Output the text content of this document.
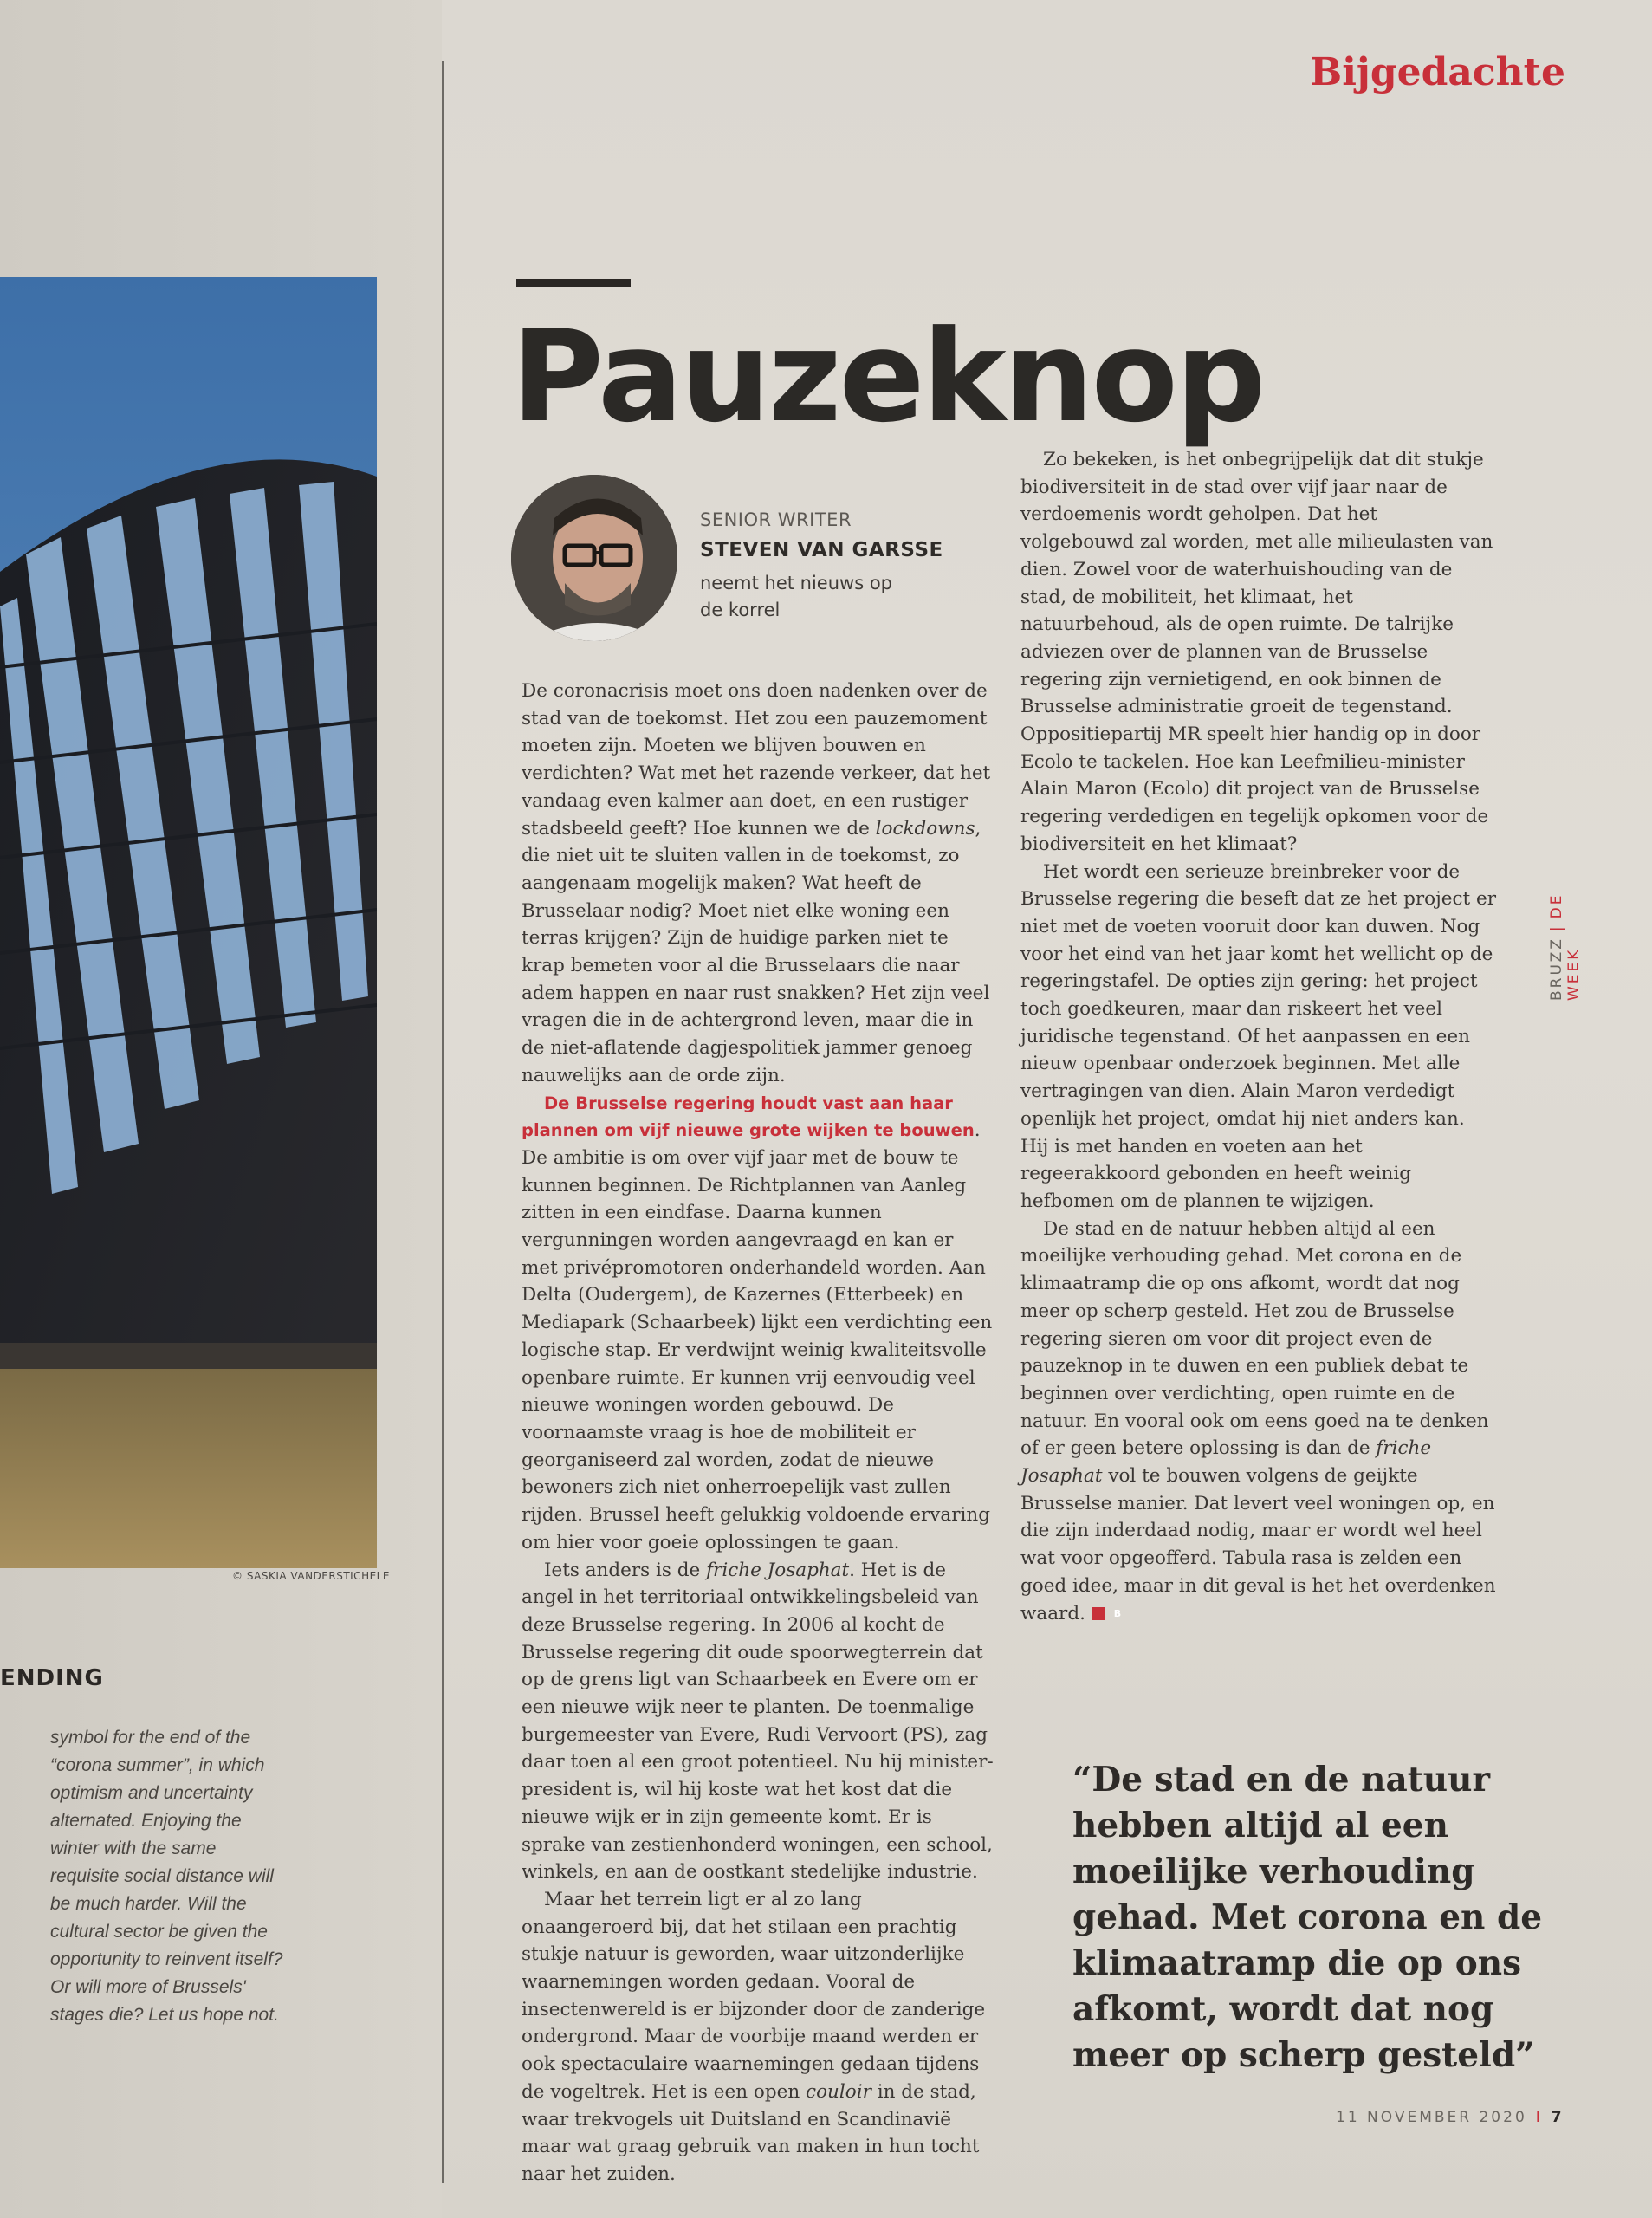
© SASKIA VANDERSTICHELE
ENDING
symbol for the end of the “corona summer”, in which optimism and uncertainty alternated. Enjoying the winter with the same requisite social distance will be much harder. Will the cultural sector be given the opportunity to reinvent itself? Or will more of Brussels' stages die? Let us hope not.
Bijgedachte
BRUZZ|DE WEEK
Pauzeknop
SENIOR WRITER
STEVEN VAN GARSSE
neemt het nieuws op de korrel

De coronacrisis moet ons doen nadenken over de stad van de toekomst. Het zou een pauzemoment moeten zijn. Moeten we blijven bouwen en verdichten? Wat met het razende verkeer, dat het vandaag even kalmer aan doet, en een rustiger stadsbeeld geeft? Hoe kunnen we de lockdowns, die niet uit te sluiten vallen in de toekomst, zo aangenaam mogelijk maken? Wat heeft de Brusselaar nodig? Moet niet elke woning een terras krijgen? Zijn de huidige parken niet te krap bemeten voor al die Brusselaars die naar adem happen en naar rust snakken? Het zijn veel vragen die in de achtergrond leven, maar die in de niet-aflatende dagjespolitiek jammer genoeg nauwelijks aan de orde zijn.

De Brusselse regering houdt vast aan haar plannen om vijf nieuwe grote wijken te bouwen. De ambitie is om over vijf jaar met de bouw te kunnen beginnen. De Richtplannen van Aanleg zitten in een eindfase. Daarna kunnen vergunningen worden aangevraagd en kan er met privépromotoren onderhandeld worden. Aan Delta (Oudergem), de Kazernes (Etterbeek) en Mediapark (Schaarbeek) lijkt een verdichting een logische stap. Er verdwijnt weinig kwaliteitsvolle openbare ruimte. Er kunnen vrij eenvoudig veel nieuwe woningen worden gebouwd. De voornaamste vraag is hoe de mobiliteit er georganiseerd zal worden, zodat de nieuwe bewoners zich niet onherroepelijk vast zullen rijden. Brussel heeft gelukkig voldoende ervaring om hier voor goeie oplossingen te gaan.

Iets anders is de friche Josaphat. Het is de angel in het territoriaal ontwikkelingsbeleid van deze Brusselse regering. In 2006 al kocht de Brusselse regering dit oude spoorwegterrein dat op de grens ligt van Schaarbeek en Evere om er een nieuwe wijk neer te planten. De toenmalige burgemeester van Evere, Rudi Vervoort (PS), zag daar toen al een groot potentieel. Nu hij minister-president is, wil hij koste wat het kost dat die nieuwe wijk er in zijn gemeente komt. Er is sprake van zestienhonderd woningen, een school, winkels, en aan de oostkant stedelijke industrie.

Maar het terrein ligt er al zo lang onaangeroerd bij, dat het stilaan een prachtig stukje natuur is geworden, waar uitzonderlijke waarnemingen worden gedaan. Vooral de insectenwereld is er bijzonder door de zanderige ondergrond. Maar de voorbije maand werden er ook spectaculaire waarnemingen gedaan tijdens de vogeltrek. Het is een open couloir in de stad, waar trekvogels uit Duitsland en Scandinavië maar wat graag gebruik van maken in hun tocht naar het zuiden.

Zo bekeken, is het onbegrijpelijk dat dit stukje biodiversiteit in de stad over vijf jaar naar de verdoemenis wordt geholpen. Dat het volgebouwd zal worden, met alle milieulasten van dien. Zowel voor de waterhuishouding van de stad, de mobiliteit, het klimaat, het natuurbehoud, als de open ruimte. De talrijke adviezen over de plannen van de Brusselse regering zijn vernietigend, en ook binnen de Brusselse administratie groeit de tegenstand. Oppositiepartij MR speelt hier handig op in door Ecolo te tackelen. Hoe kan Leefmilieu-minister Alain Maron (Ecolo) dit project van de Brusselse regering verdedigen en tegelijk opkomen voor de biodiversiteit en het klimaat?

Het wordt een serieuze breinbreker voor de Brusselse regering die beseft dat ze het project er niet met de voeten vooruit door kan duwen. Nog voor het eind van het jaar komt het wellicht op de regeringstafel. De opties zijn gering: het project toch goedkeuren, maar dan riskeert het veel juridische tegenstand. Of het aanpassen en een nieuw openbaar onderzoek beginnen. Met alle vertragingen van dien. Alain Maron verdedigt openlijk het project, omdat hij niet anders kan. Hij is met handen en voeten aan het regeerakkoord gebonden en heeft weinig hefbomen om de plannen te wijzigen.

De stad en de natuur hebben altijd al een moeilijke verhouding gehad. Met corona en de klimaatramp die op ons afkomt, wordt dat nog meer op scherp gesteld. Het zou de Brusselse regering sieren om voor dit project even de pauzeknop in te duwen en een publiek debat te beginnen over verdichting, open ruimte en de natuur. En vooral ook om eens goed na te denken of er geen betere oplossing is dan de friche Josaphat vol te bouwen volgens de geijkte Brusselse manier. Dat levert veel woningen op, en die zijn inderdaad nodig, maar er wordt wel heel wat voor opgeofferd. Tabula rasa is zelden een goed idee, maar in dit geval is het het overdenken waard.	B

“De stad en de natuur hebben altijd al een moeilijke verhouding gehad. Met corona en de klimaatramp die op ons afkomt, wordt dat nog meer op scherp gesteld”
11 NOVEMBER 2020 I 7
